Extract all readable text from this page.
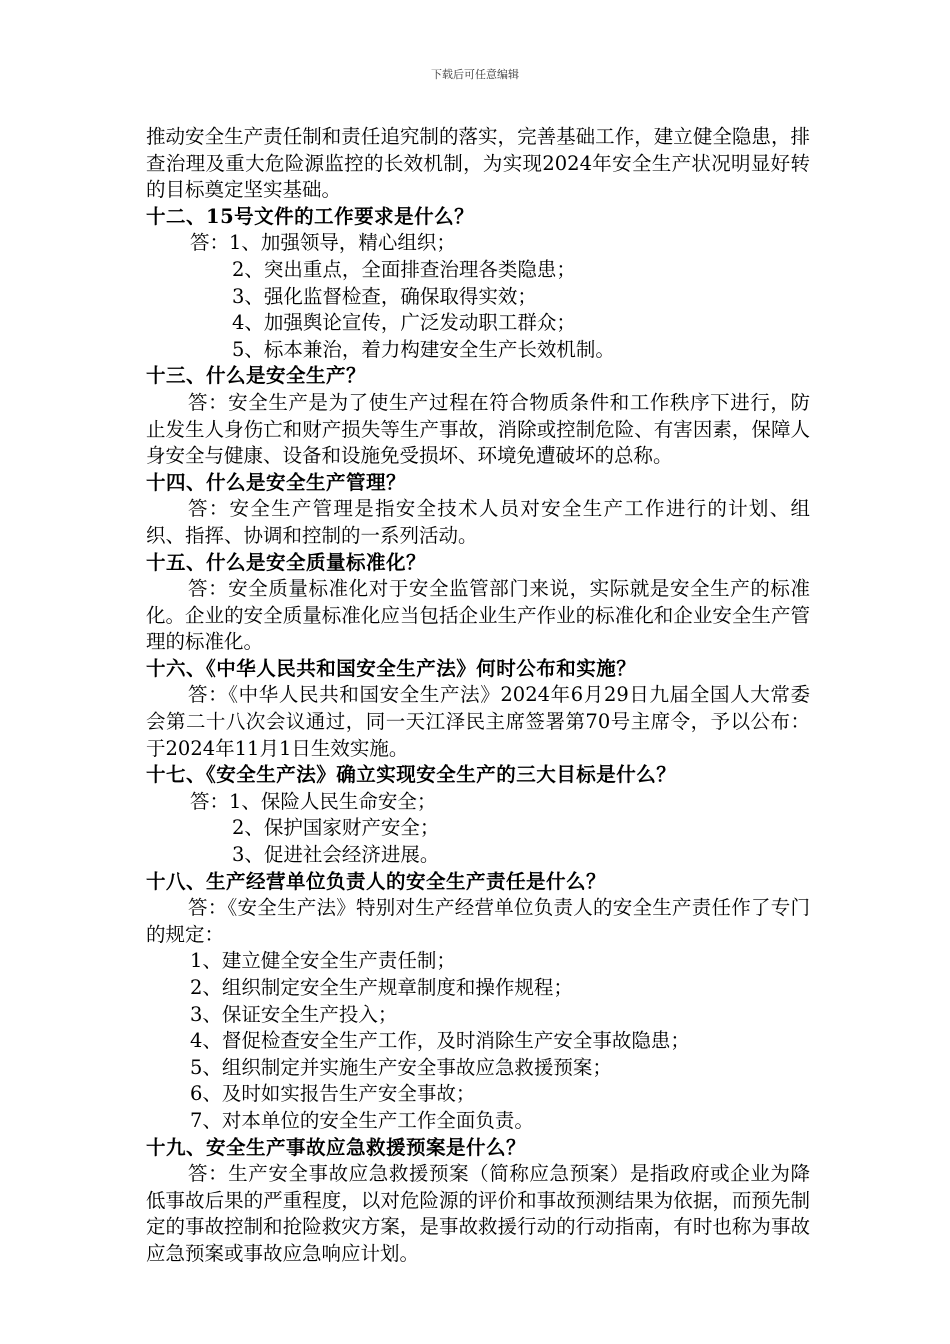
下载后可任意编辑

推动安全生产责任制和责任追究制的落实，完善基础工作，建立健全隐患，排查治理及重大危险源监控的长效机制，为实现2024年安全生产状况明显好转的目标奠定坚实基础。

十二、15号文件的工作要求是什么？

答：1、加强领导，精心组织；

2、突出重点，全面排查治理各类隐患；

3、强化监督检查，确保取得实效；

4、加强舆论宣传，广泛发动职工群众；

5、标本兼治，着力构建安全生产长效机制。

十三、什么是安全生产？

答：安全生产是为了使生产过程在符合物质条件和工作秩序下进行，防止发生人身伤亡和财产损失等生产事故，消除或控制危险、有害因素，保障人身安全与健康、设备和设施免受损坏、环境免遭破坏的总称。

十四、什么是安全生产管理？

答：安全生产管理是指安全技术人员对安全生产工作进行的计划、组织、指挥、协调和控制的一系列活动。

十五、什么是安全质量标准化？

答：安全质量标准化对于安全监管部门来说，实际就是安全生产的标准化。企业的安全质量标准化应当包括企业生产作业的标准化和企业安全生产管理的标准化。

十六、《中华人民共和国安全生产法》何时公布和实施？

答：《中华人民共和国安全生产法》2024年6月29日九届全国人大常委会第二十八次会议通过，同一天江泽民主席签署第70号主席令，予以公布：于2024年11月1日生效实施。

十七、《安全生产法》确立实现安全生产的三大目标是什么？

答：1、保险人民生命安全；

2、保护国家财产安全；

3、促进社会经济进展。

十八、生产经营单位负责人的安全生产责任是什么？

答：《安全生产法》特别对生产经营单位负责人的安全生产责任作了专门的规定：

1、建立健全安全生产责任制；

2、组织制定安全生产规章制度和操作规程；

3、保证安全生产投入；

4、督促检查安全生产工作，及时消除生产安全事故隐患；

5、组织制定并实施生产安全事故应急救援预案；

6、及时如实报告生产安全事故；

7、对本单位的安全生产工作全面负责。

十九、安全生产事故应急救援预案是什么？

答：生产安全事故应急救援预案（简称应急预案）是指政府或企业为降低事故后果的严重程度，以对危险源的评价和事故预测结果为依据，而预先制定的事故控制和抢险救灾方案，是事故救援行动的行动指南，有时也称为事故应急预案或事故应急响应计划。
